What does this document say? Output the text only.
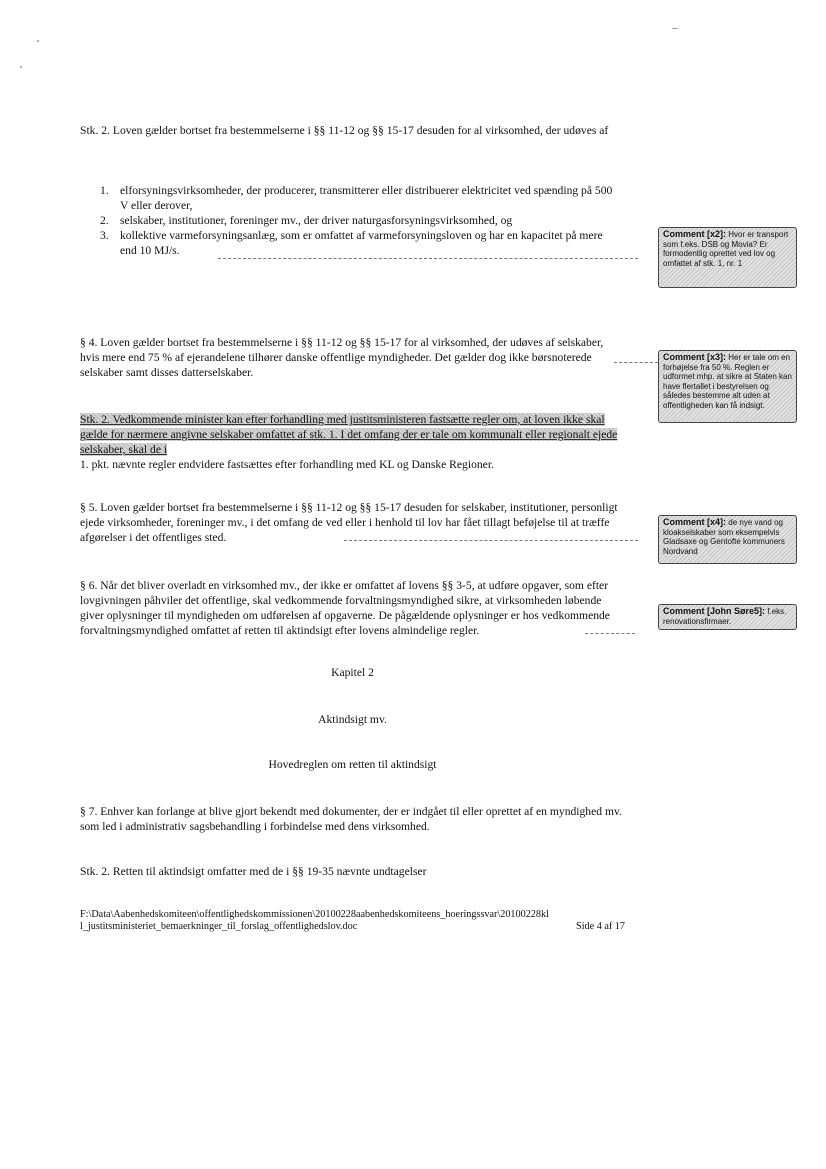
Stk. 2. Loven gælder bortset fra bestemmelserne i §§ 11-12 og §§ 15-17 desuden for al virksomhed, der udøves af
1. elforsyningsvirksomheder, der producerer, transmitterer eller distribuerer elektricitet ved spænding på 500 V eller derover,
2. selskaber, institutioner, foreninger mv., der driver naturgasforsyningsvirksomhed, og
3. kollektive varmeforsyningsanlæg, som er omfattet af varmeforsyningsloven og har en kapacitet på mere end 10 MJ/s.
§ 4. Loven gælder bortset fra bestemmelserne i §§ 11-12 og §§ 15-17 for al virksomhed, der udøves af selskaber, hvis mere end 75 % af ejerandelene tilhører danske offentlige myndigheder. Det gælder dog ikke børsnoterede selskaber samt disses datterselskaber.
Stk. 2. Vedkommende minister kan efter forhandling med justitsministeren fastsætte regler om, at loven ikke skal gælde for nærmere angivne selskaber omfattet af stk. 1. I det omfang der er tale om kommunalt eller regionalt ejede selskaber, skal de i
1. pkt. nævnte regler endvidere fastsættes efter forhandling med KL og Danske Regioner.
§ 5. Loven gælder bortset fra bestemmelserne i §§ 11-12 og §§ 15-17 desuden for selskaber, institutioner, personligt ejede virksomheder, foreninger mv., i det omfang de ved eller i henhold til lov har fået tillagt beføjelse til at træffe afgørelser i det offentliges sted.
§ 6. Når det bliver overladt en virksomhed mv., der ikke er omfattet af lovens §§ 3-5, at udføre opgaver, som efter lovgivningen påhviler det offentlige, skal vedkommende forvaltningsmyndighed sikre, at virksomheden løbende giver oplysninger til myndigheden om udførelsen af opgaverne. De pågældende oplysninger er hos vedkommende forvaltningsmyndighed omfattet af retten til aktindsigt efter lovens almindelige regler.
Kapitel 2
Aktindsigt mv.
Hovedreglen om retten til aktindsigt
§ 7. Enhver kan forlange at blive gjort bekendt med dokumenter, der er indgået til eller oprettet af en myndighed mv. som led i administrativ sagsbehandling i forbindelse med dens virksomhed.
Stk. 2. Retten til aktindsigt omfatter med de i §§ 19-35 nævnte undtagelser
F:\Data\Aabenhedskomiteen\offentlighedskommissionen\20100228aabenhedskomiteens_hoeringssvar\20100228kll_justitsministeriet_bemaerkninger_til_forslag_offentlighedslov.doc	Side 4 af 17
Comment [x2]: Hvor er transport som f.eks. DSB og Movia? Er formodentlig oprettet ved lov og omfattet af stk. 1, nr. 1
Comment [x3]: Her er tale om en forhøjelse fra 50 %. Reglen er udformet mhp. at sikre at Staten kan have flertallet i bestyrelsen og således bestemme alt uden at offentligheden kan få indsigt.
Comment [x4]: de nye vand og kloakselskaber som eksempelvis Gladsaxe og Gentofte kommuners Nordvand
Comment [John Søre5]: f.eks. renovationsfirmaer.
